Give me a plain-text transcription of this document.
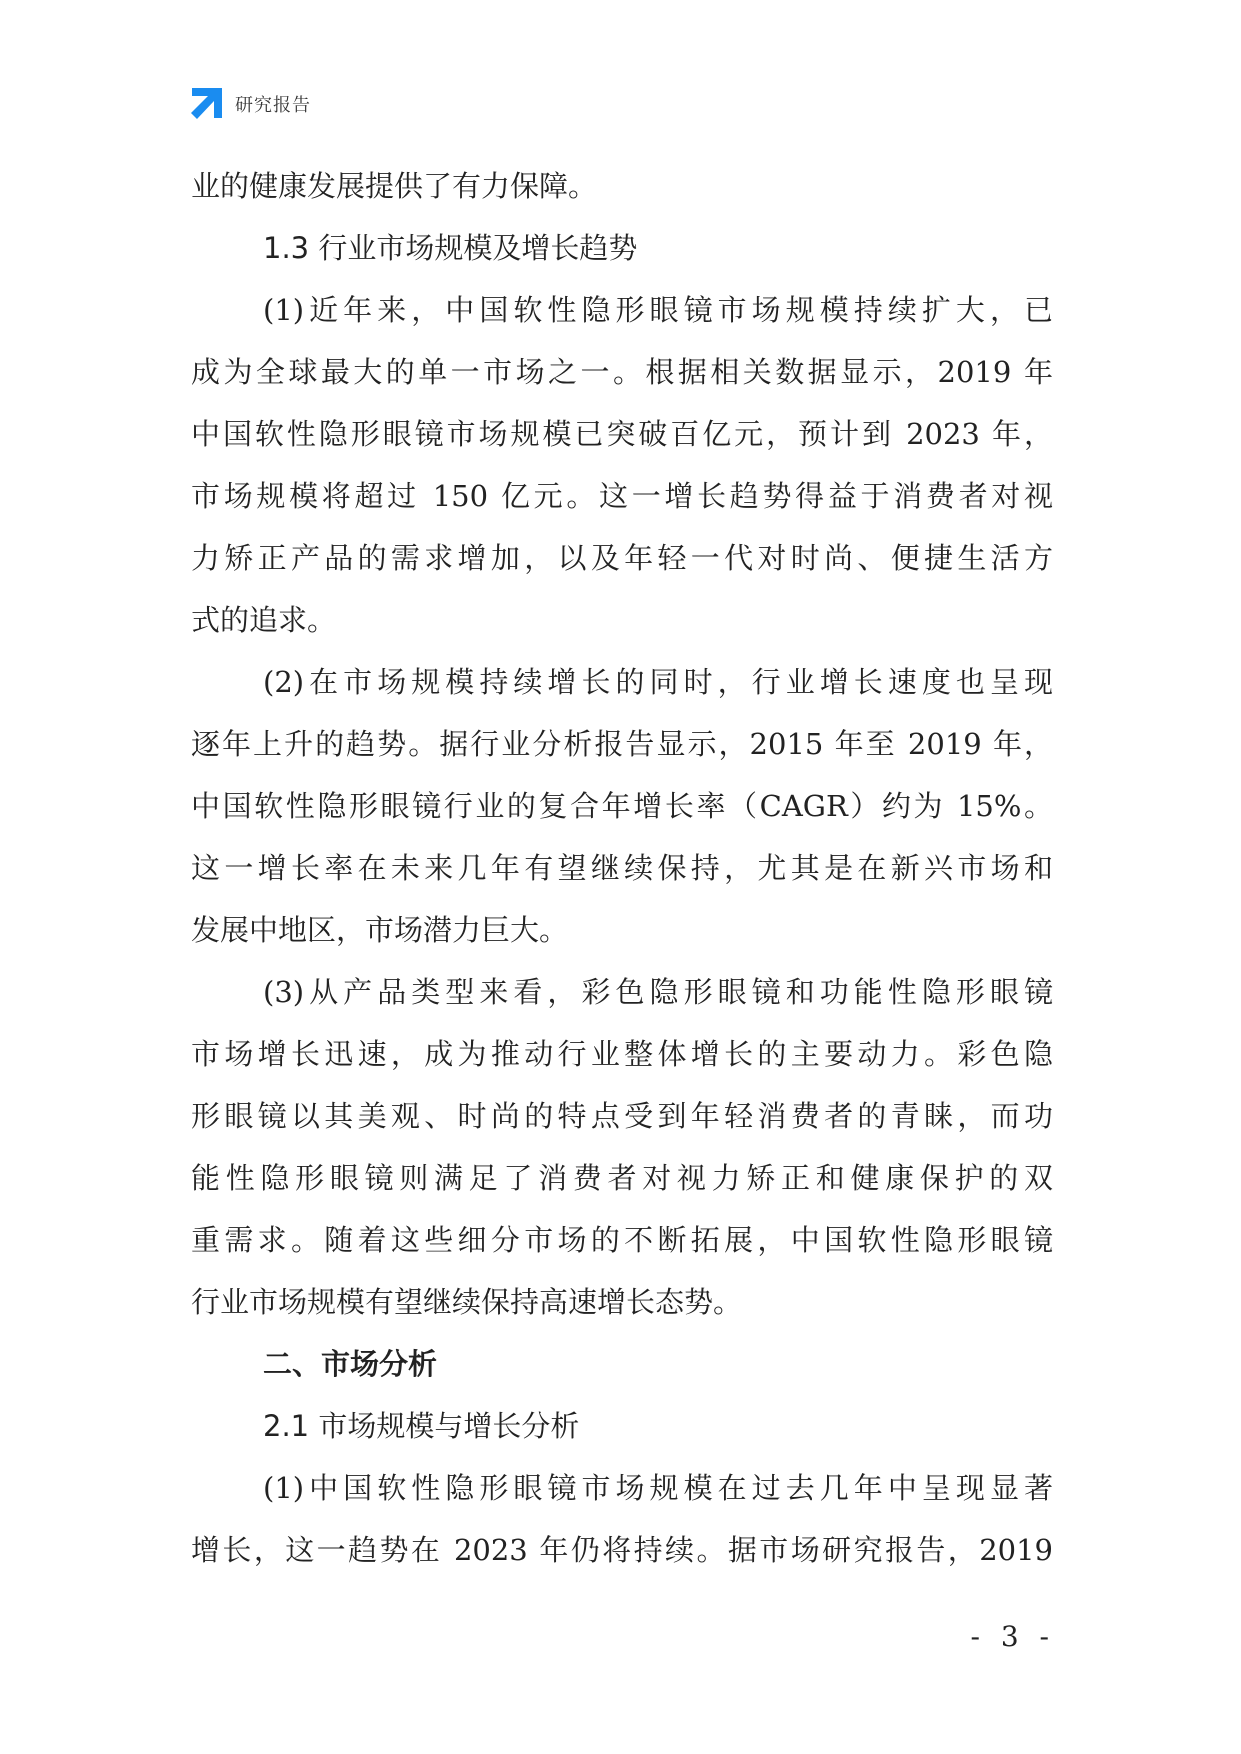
研究报告
业的健康发展提供了有力保障。
1.3 行业市场规模及增长趋势
(1)近年来，中国软性隐形眼镜市场规模持续扩大，已
成为全球最大的单一市场之一。根据相关数据显示，2019 年
中国软性隐形眼镜市场规模已突破百亿元，预计到 2023 年，
市场规模将超过 150 亿元。这一增长趋势得益于消费者对视
力矫正产品的需求增加，以及年轻一代对时尚、便捷生活方
式的追求。
(2)在市场规模持续增长的同时，行业增长速度也呈现
逐年上升的趋势。据行业分析报告显示，2015 年至 2019 年，
中国软性隐形眼镜行业的复合年增长率（CAGR）约为 15%。
这一增长率在未来几年有望继续保持，尤其是在新兴市场和
发展中地区，市场潜力巨大。
(3)从产品类型来看，彩色隐形眼镜和功能性隐形眼镜
市场增长迅速，成为推动行业整体增长的主要动力。彩色隐
形眼镜以其美观、时尚的特点受到年轻消费者的青睐，而功
能性隐形眼镜则满足了消费者对视力矫正和健康保护的双
重需求。随着这些细分市场的不断拓展，中国软性隐形眼镜
行业市场规模有望继续保持高速增长态势。
二、市场分析
2.1 市场规模与增长分析
(1)中国软性隐形眼镜市场规模在过去几年中呈现显著
增长，这一趋势在 2023 年仍将持续。据市场研究报告，2019
- 3 -
